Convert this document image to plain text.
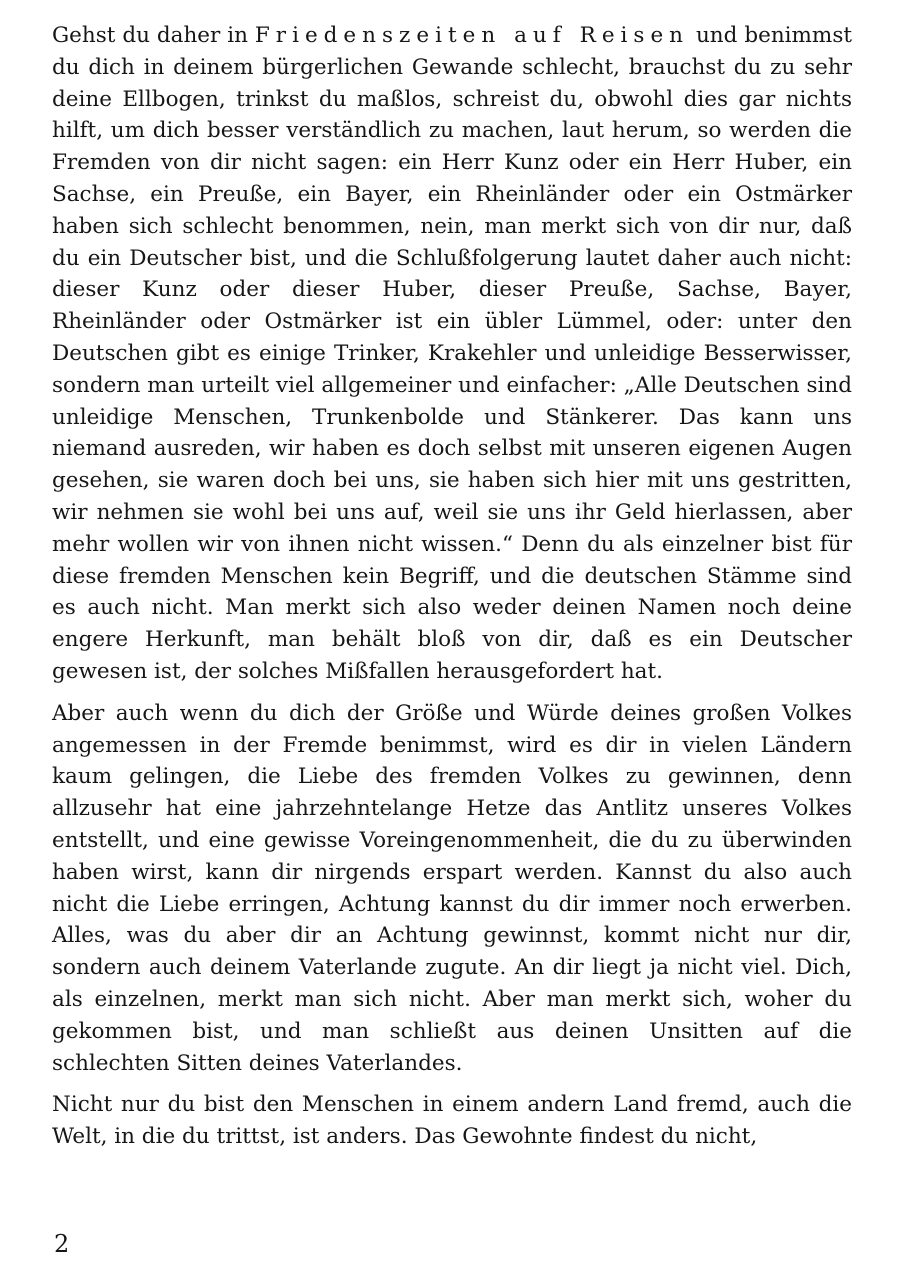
Gehst du daher in Friedenszeiten auf Reisen und benimmst du dich in deinem bürgerlichen Gewande schlecht, brauchst du zu sehr deine Ellbogen, trinkst du maßlos, schreist du, obwohl dies gar nichts hilft, um dich besser verständlich zu machen, laut herum, so werden die Fremden von dir nicht sagen: ein Herr Kunz oder ein Herr Huber, ein Sachse, ein Preuße, ein Bayer, ein Rheinländer oder ein Ostmärker haben sich schlecht benommen, nein, man merkt sich von dir nur, daß du ein Deutscher bist, und die Schlußfolgerung lautet daher auch nicht: dieser Kunz oder dieser Huber, dieser Preuße, Sachse, Bayer, Rheinländer oder Ostmärker ist ein übler Lümmel, oder: unter den Deutschen gibt es einige Trinker, Krakehler und unleidige Besserwisser, sondern man urteilt viel allgemeiner und einfacher: „Alle Deutschen sind unleidige Menschen, Trunkenbolde und Stänkerer. Das kann uns niemand ausreden, wir haben es doch selbst mit unseren eigenen Augen gesehen, sie waren doch bei uns, sie haben sich hier mit uns gestritten, wir nehmen sie wohl bei uns auf, weil sie uns ihr Geld hierlassen, aber mehr wollen wir von ihnen nicht wissen.“ Denn du als einzelner bist für diese fremden Menschen kein Begriff, und die deutschen Stämme sind es auch nicht. Man merkt sich also weder deinen Namen noch deine engere Herkunft, man behält bloß von dir, daß es ein Deutscher gewesen ist, der solches Mißfallen herausgefordert hat.

Aber auch wenn du dich der Größe und Würde deines großen Volkes angemessen in der Fremde benimmst, wird es dir in vielen Ländern kaum gelingen, die Liebe des fremden Volkes zu gewinnen, denn allzusehr hat eine jahrzehntelange Hetze das Antlitz unseres Volkes entstellt, und eine gewisse Voreingenommenheit, die du zu überwinden haben wirst, kann dir nirgends erspart werden. Kannst du also auch nicht die Liebe erringen, Achtung kannst du dir immer noch erwerben. Alles, was du aber dir an Achtung gewinnst, kommt nicht nur dir, sondern auch deinem Vaterlande zugute. An dir liegt ja nicht viel. Dich, als einzelnen, merkt man sich nicht. Aber man merkt sich, woher du gekommen bist, und man schließt aus deinen Unsitten auf die schlechten Sitten deines Vaterlandes.

Nicht nur du bist den Menschen in einem andern Land fremd, auch die Welt, in die du trittst, ist anders. Das Gewohnte findest du nicht,

2
